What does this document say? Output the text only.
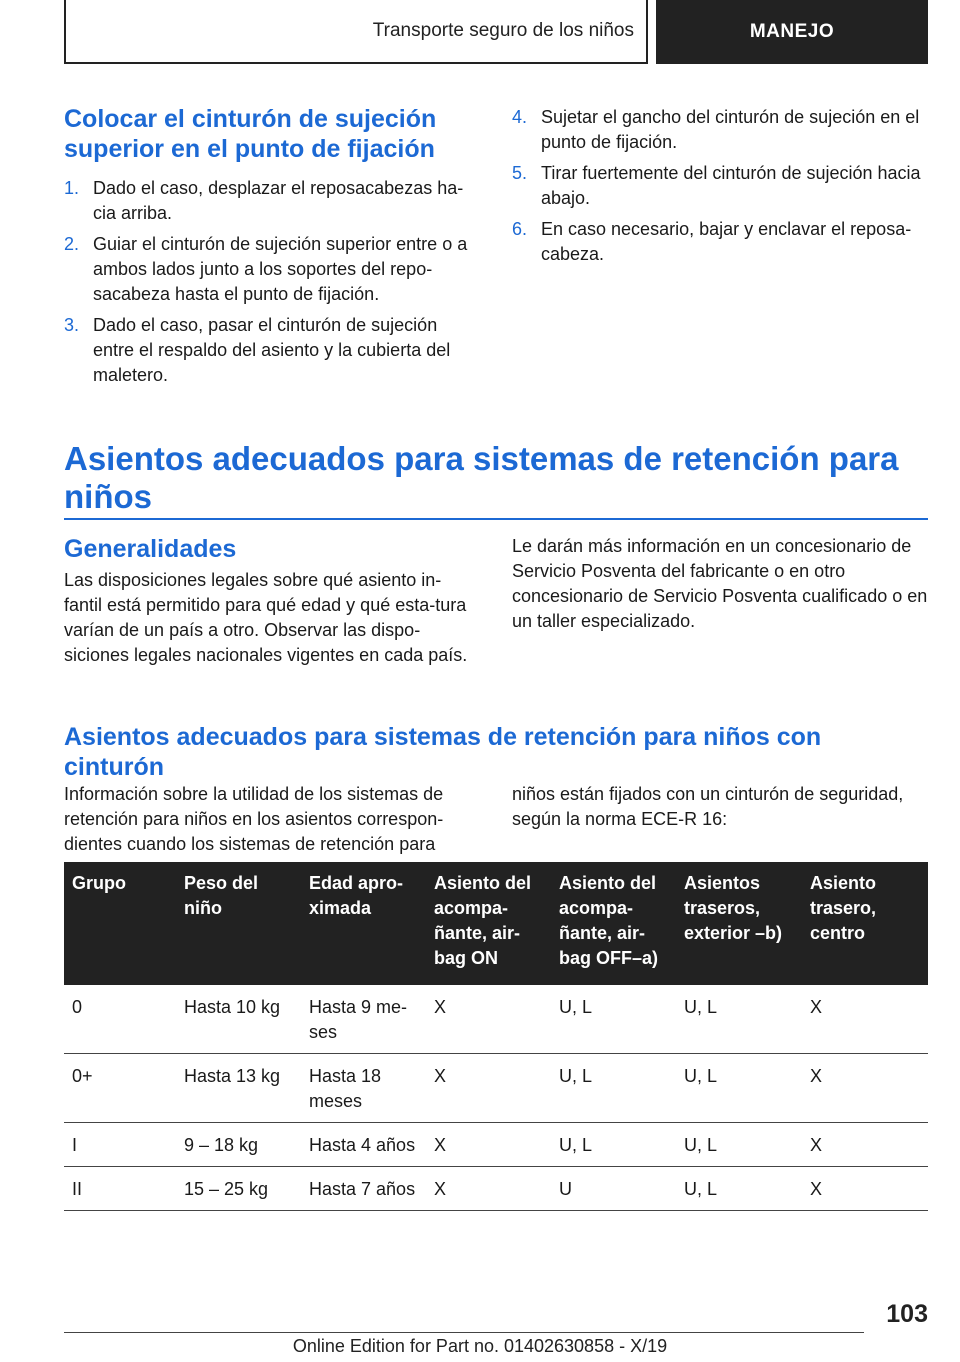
Transporte seguro de los niños	MANEJO
Colocar el cinturón de sujeción superior en el punto de fijación
1. Dado el caso, desplazar el reposacabezas ha-cia arriba.
2. Guiar el cinturón de sujeción superior entre o a ambos lados junto a los soportes del repo-sacabeza hasta el punto de fijación.
3. Dado el caso, pasar el cinturón de sujeción entre el respaldo del asiento y la cubierta del maletero.
4. Sujetar el gancho del cinturón de sujeción en el punto de fijación.
5. Tirar fuertemente del cinturón de sujeción hacia abajo.
6. En caso necesario, bajar y enclavar el reposa-cabeza.
Asientos adecuados para sistemas de retención para niños
Generalidades

Las disposiciones legales sobre qué asiento in-fantil está permitido para qué edad y qué esta-tura varían de un país a otro. Observar las dispo-siciones legales nacionales vigentes en cada país.

Le darán más información en un concesionario de Servicio Posventa del fabricante o en otro concesionario de Servicio Posventa cualificado o en un taller especializado.

Asientos adecuados para sistemas de retención para niños con cinturón

Información sobre la utilidad de los sistemas de retención para niños en los asientos correspon-dientes cuando los sistemas de retención para

niños están fijados con un cinturón de seguridad, según la norma ECE-R 16:

Grupo	Peso del niño	Edad apro-ximada	Asiento del acompa-ñante, air-bag ON	Asiento del acompa-ñante, air-bag OFF–a)	Asientos traseros, exterior –b)	Asiento trasero, centro
0	Hasta 10 kg	Hasta 9 me-ses	X	U, L	U, L	X
0+	Hasta 13 kg	Hasta 18 meses	X	U, L	U, L	X
I	9 – 18 kg	Hasta 4 años	X	U, L	U, L	X
II	15 – 25 kg	Hasta 7 años	X	U	U, L	X
103
Online Edition for Part no. 01402630858 - X/19
